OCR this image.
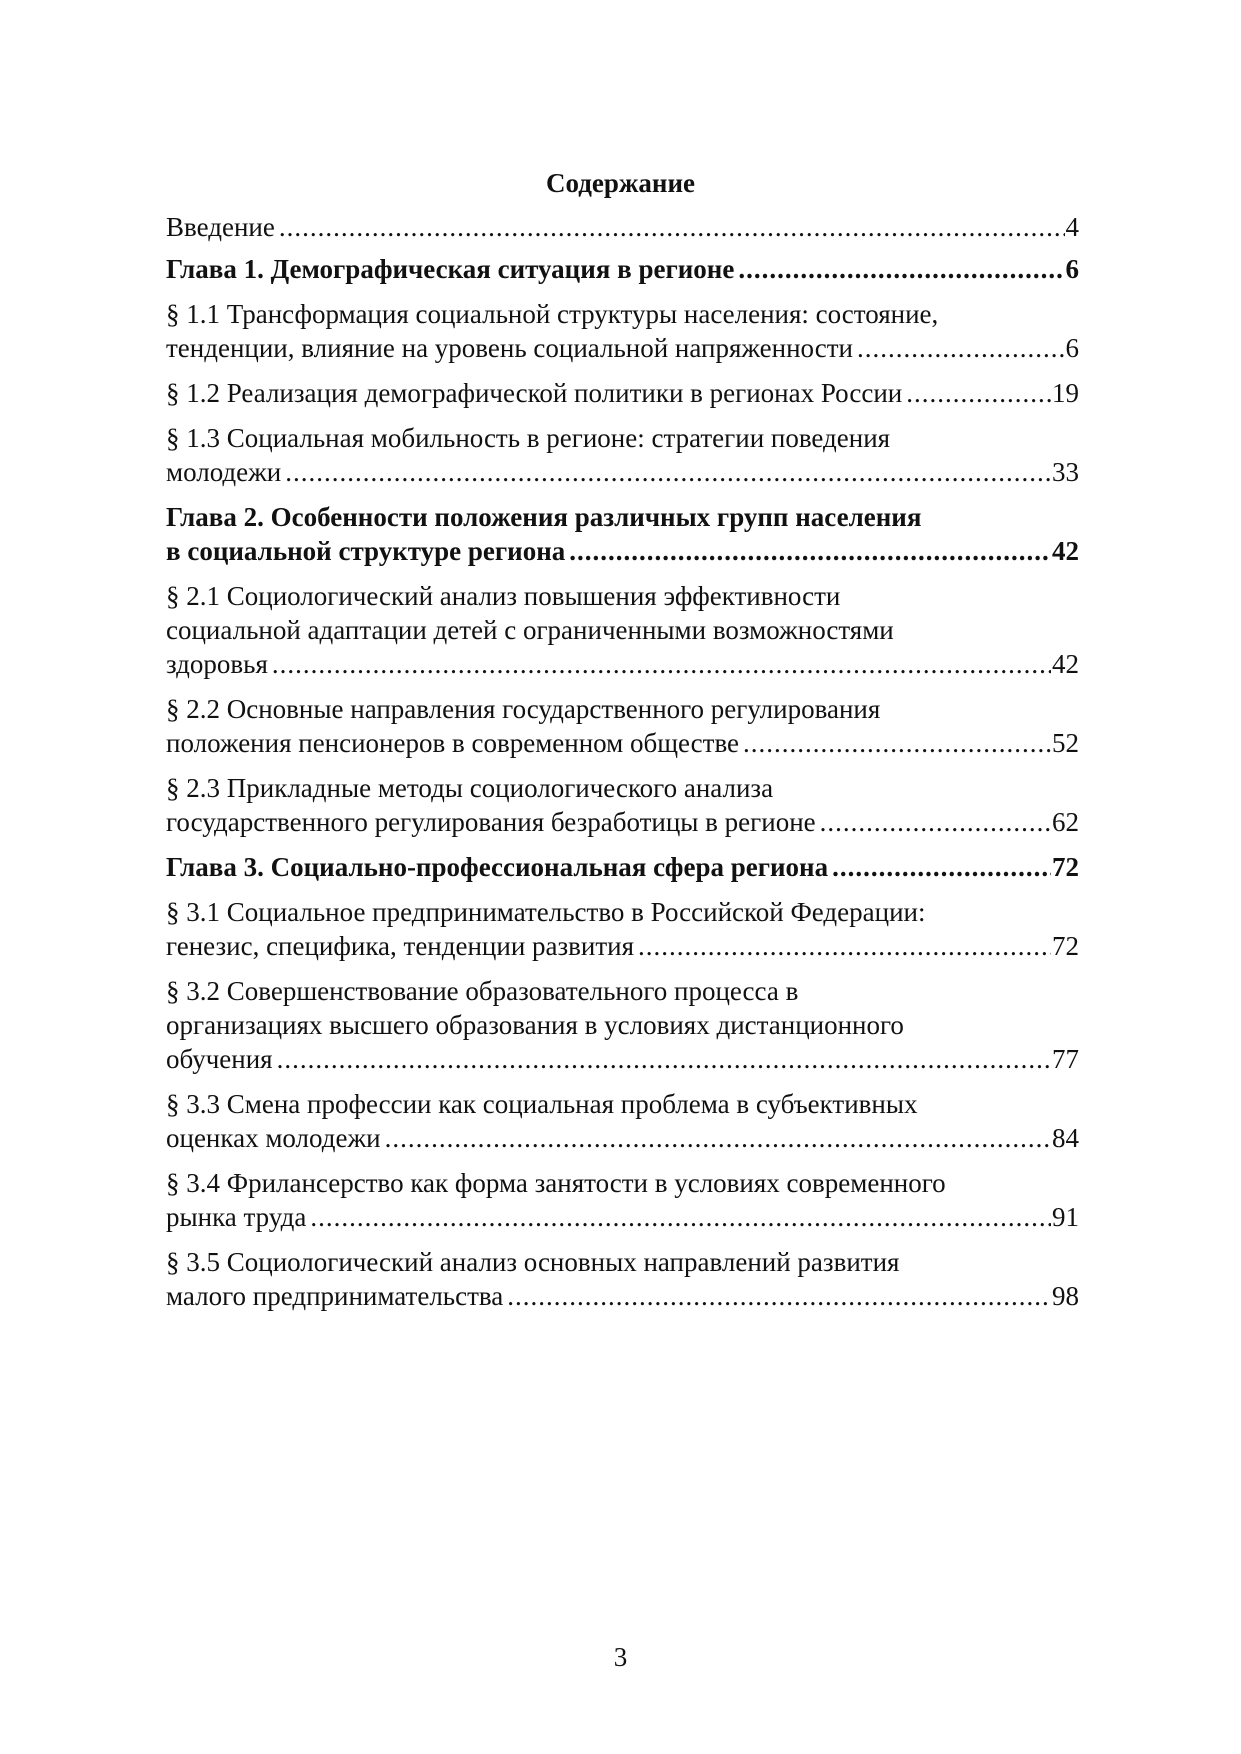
Содержание
Введение .....	4
Глава 1. Демографическая ситуация в регионе .....	6
§ 1.1 Трансформация социальной структуры населения: состояние,
тенденции, влияние на уровень социальной напряженности .....	6
§ 1.2 Реализация демографической политики в регионах России .....	19
§ 1.3 Социальная мобильность в регионе: стратегии поведения
молодежи .....	33
Глава 2. Особенности положения различных групп населения
в социальной структуре региона .....	42
§ 2.1 Социологический анализ повышения эффективности
социальной адаптации детей с ограниченными возможностями
здоровья .....	42
§ 2.2 Основные направления государственного регулирования
положения пенсионеров в современном обществе .....	52
§ 2.3 Прикладные методы социологического анализа
государственного регулирования безработицы в регионе .....	62
Глава 3. Социально-профессиональная сфера региона .....	72
§ 3.1 Социальное предпринимательство в Российской Федерации:
генезис, специфика, тенденции развития .....	72
§ 3.2 Совершенствование образовательного процесса в
организациях высшего образования в условиях дистанционного
обучения .....	77
§ 3.3 Смена профессии как социальная проблема в субъективных
оценках молодежи .....	84
§ 3.4 Фрилансерство как форма занятости в условиях современного
рынка труда .....	91
§ 3.5 Социологический анализ основных направлений развития
малого предпринимательства .....	98
3
